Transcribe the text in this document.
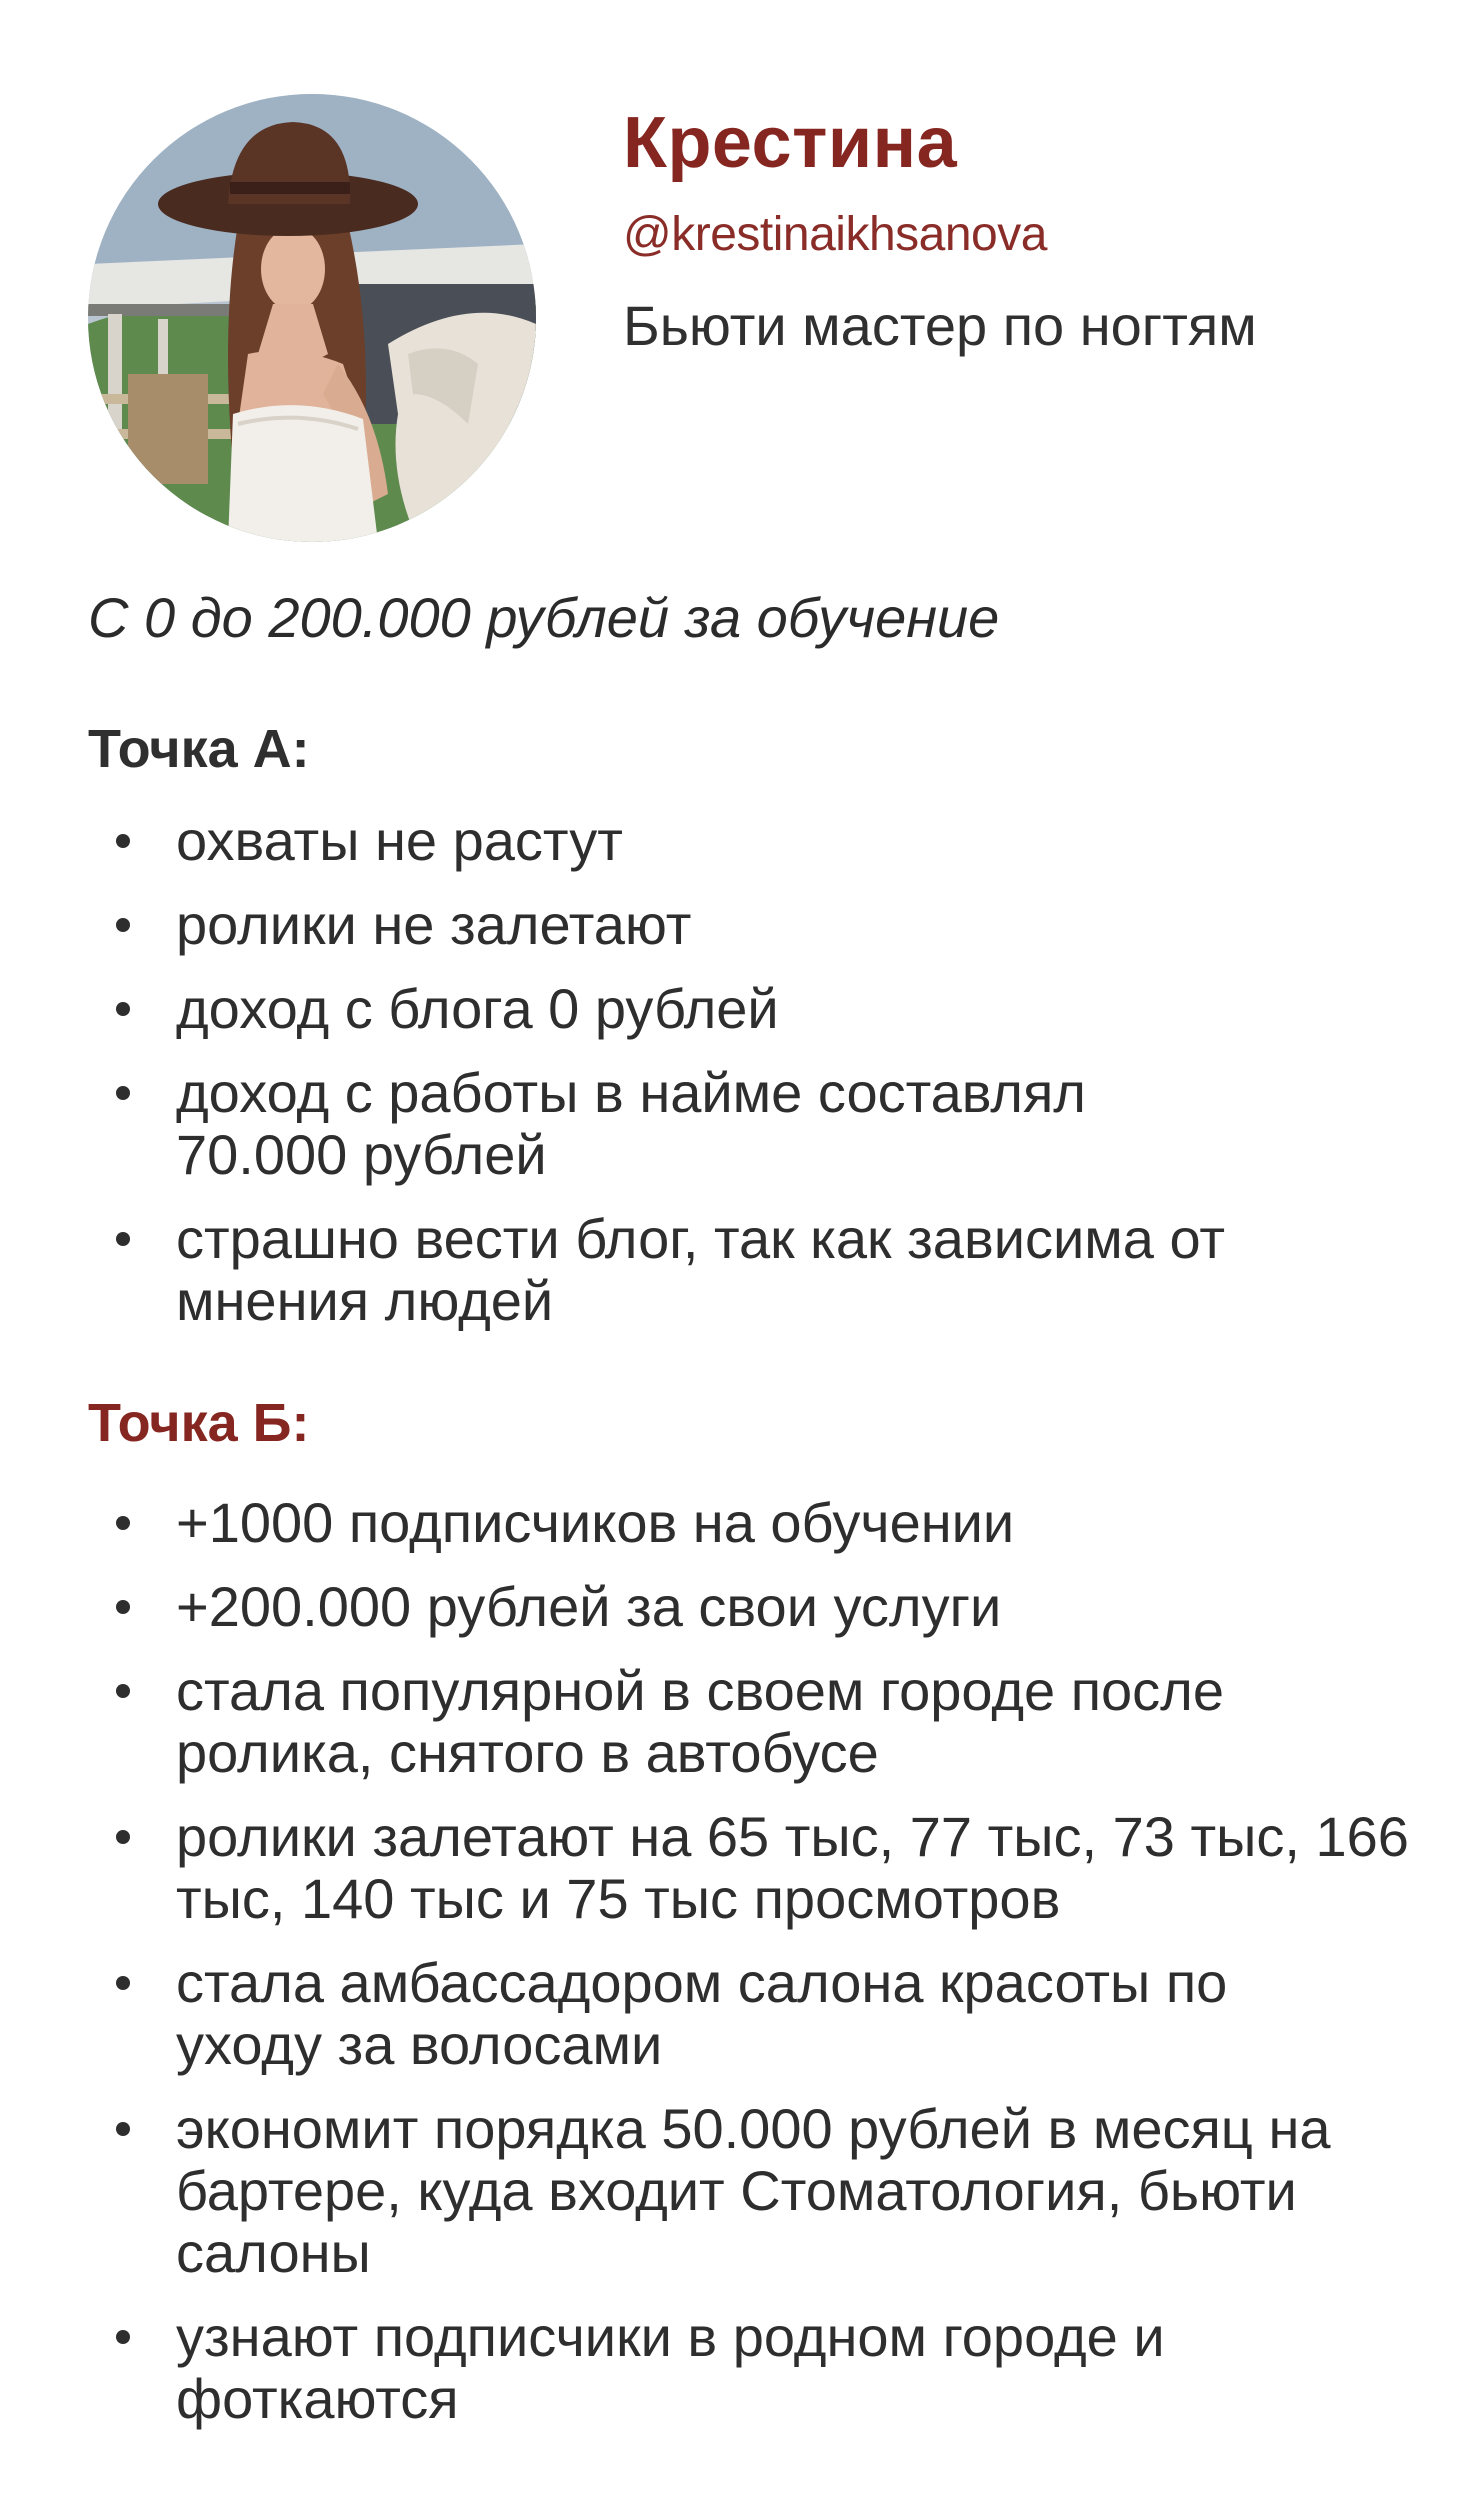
Крестина
@krestinaikhsanova
Бьюти мастер по ногтям
С 0 до 200.000 рублей за обучение
Точка А:
охваты не растут
ролики не залетают
доход с блога 0 рублей
доход с работы в найме составлял 70.000 рублей
страшно вести блог, так как зависима от мнения людей
Точка Б:
+1000 подписчиков на обучении
+200.000 рублей за свои услуги
стала популярной в своем городе после ролика, снятого в автобусе
ролики залетают на 65 тыс, 77 тыс, 73 тыс, 166 тыс, 140 тыс и 75 тыс просмотров
стала амбассадором салона красоты по уходу за волосами
экономит порядка 50.000 рублей в месяц на бартере, куда входит Стоматология, бьюти салоны
узнают подписчики в родном городе и фоткаются
